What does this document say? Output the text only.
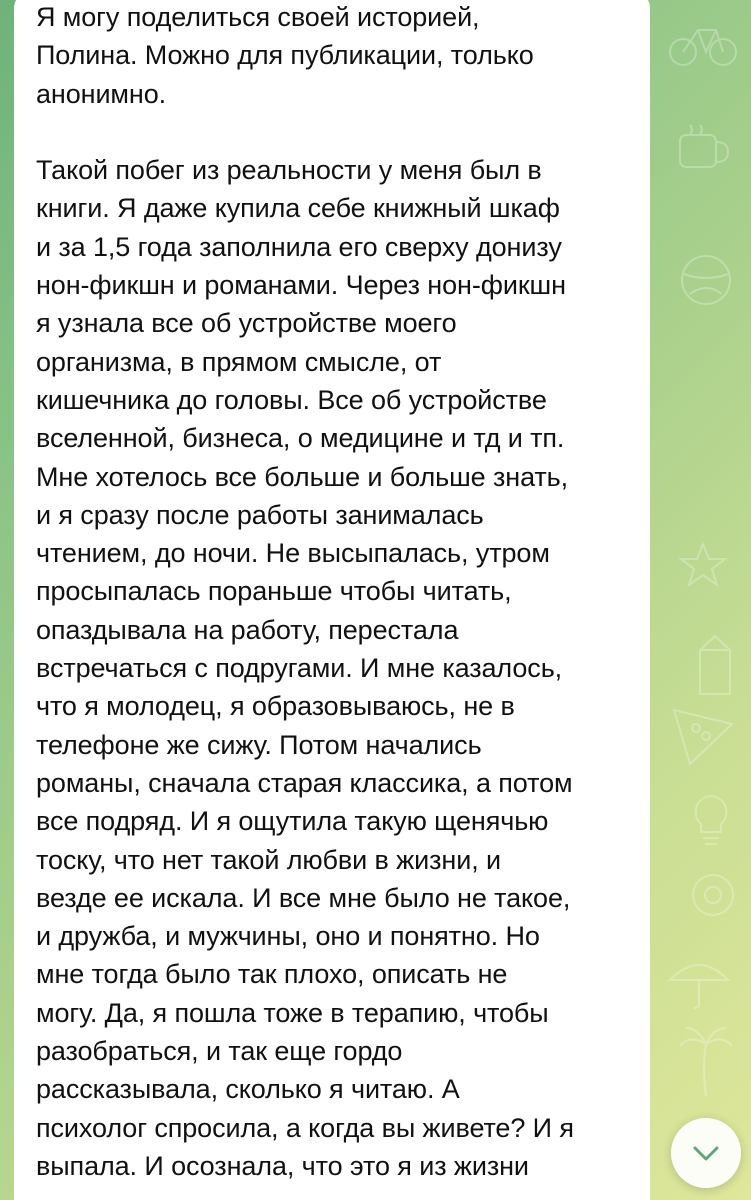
Я могу поделиться своей историей,
Полина. Можно для публикации, только
анонимно.

Такой побег из реальности у меня был в
книги. Я даже купила себе книжный шкаф
и за 1,5 года заполнила его сверху донизу
нон-фикшн и романами. Через нон-фикшн
я узнала все об устройстве моего
организма, в прямом смысле, от
кишечника до головы. Все об устройстве
вселенной, бизнеса, о медицине и тд и тп.
Мне хотелось все больше и больше знать,
и я сразу после работы занималась
чтением, до ночи. Не высыпалась, утром
просыпалась пораньше чтобы читать,
опаздывала на работу, перестала
встречаться с подругами. И мне казалось,
что я молодец, я образовываюсь, не в
телефоне же сижу. Потом начались
романы, сначала старая классика, а потом
все подряд. И я ощутила такую щенячью
тоску, что нет такой любви в жизни, и
везде ее искала. И все мне было не такое,
и дружба, и мужчины, оно и понятно. Но
мне тогда было так плохо, описать не
могу. Да, я пошла тоже в терапию, чтобы
разобраться, и так еще гордо
рассказывала, сколько я читаю. А
психолог спросила, а когда вы живете? И я
выпала. И осознала, что это я из жизни
